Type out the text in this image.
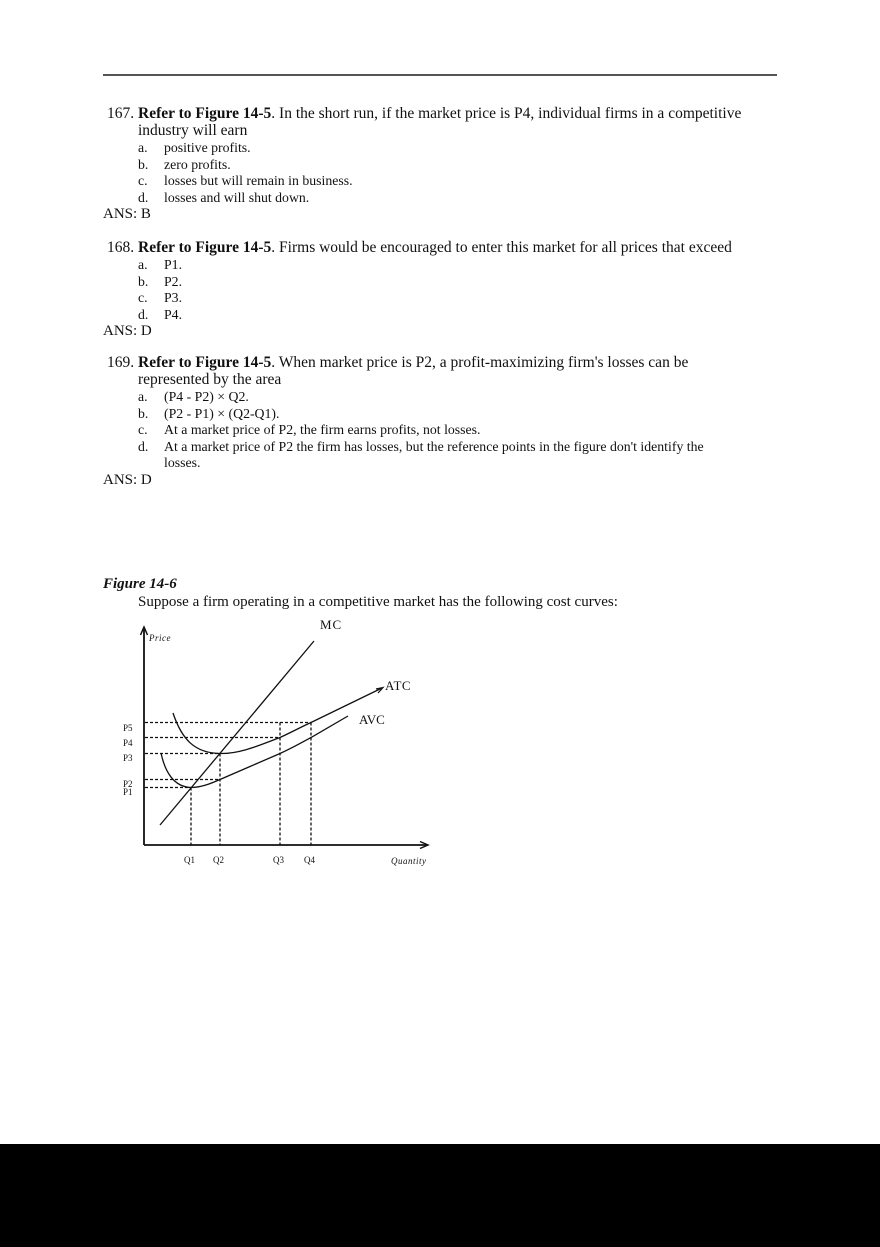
167. Refer to Figure 14-5. In the short run, if the market price is P4, individual firms in a competitive industry will earn
a. positive profits.
b. zero profits.
c. losses but will remain in business.
d. losses and will shut down.
ANS: B
168. Refer to Figure 14-5. Firms would be encouraged to enter this market for all prices that exceed
a. P1.
b. P2.
c. P3.
d. P4.
ANS: D
169. Refer to Figure 14-5. When market price is P2, a profit-maximizing firm's losses can be represented by the area
a. (P4 - P2) × Q2.
b. (P2 - P1) × (Q2-Q1).
c. At a market price of P2, the firm earns profits, not losses.
d. At a market price of P2 the firm has losses, but the reference points in the figure don't identify the losses.
ANS: D
Figure 14-6
Suppose a firm operating in a competitive market has the following cost curves:
MC
ATC
AVC
Price
Quantity
P5
P4
P3
P2
P1
Q1 Q2	Q3 Q4
